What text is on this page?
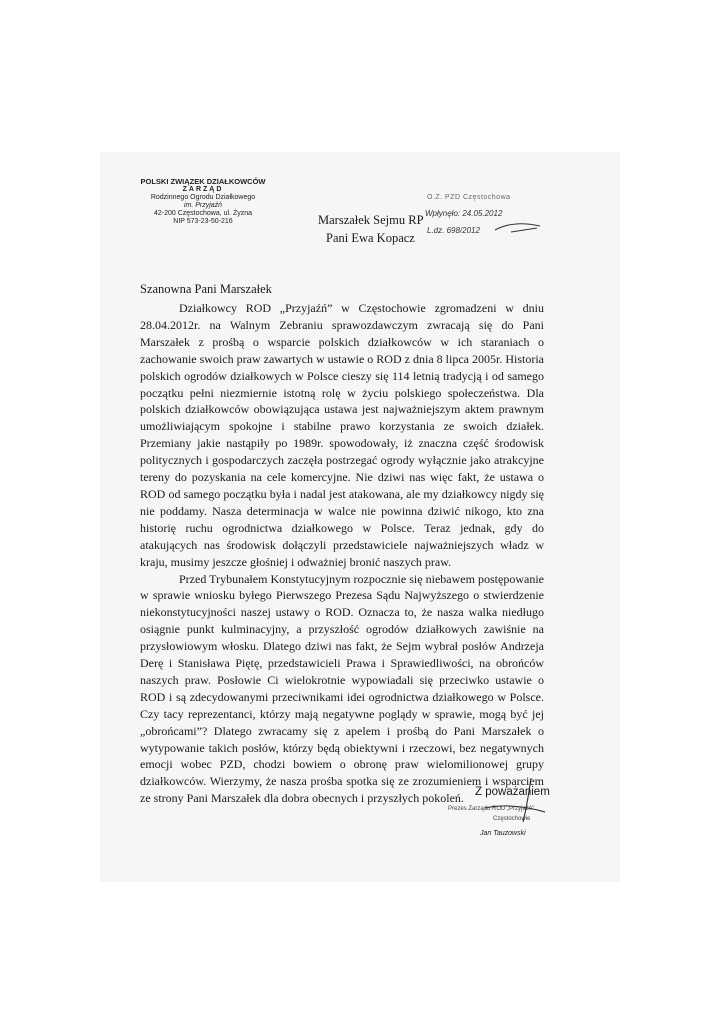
POLSKI ZWIĄZEK DZIAŁKOWCÓW
ZARZĄD
Rodzinnego Ogrodu Działkowego
im. Przyjaźń
42-200 Częstochowa, ul. Żyzna
NIP 573-23-50-216
O.Z. PZD Częstochowa
Wpłynęło: 24.05.2012
L.dz. 698/2012
Marszałek Sejmu RP
Pani Ewa Kopacz
Szanowna Pani Marszałek

Działkowcy ROD „Przyjaźń” w Częstochowie zgromadzeni w dniu 28.04.2012r. na Walnym Zebraniu sprawozdawczym zwracają się do Pani Marszałek z prośbą o wsparcie polskich działkowców w ich staraniach o zachowanie swoich praw zawartych w ustawie o ROD z dnia 8 lipca 2005r. Historia polskich ogrodów działkowych w Polsce cieszy się 114 letnią tradycją i od samego początku pełni niezmiernie istotną rolę w życiu polskiego społeczeństwa. Dla polskich działkowców obowiązująca ustawa jest najważniejszym aktem prawnym umożliwiającym spokojne i stabilne prawo korzystania ze swoich działek. Przemiany jakie nastąpiły po 1989r. spowodowały, iż znaczna część środowisk politycznych i gospodarczych zaczęła postrzegać ogrody wyłącznie jako atrakcyjne tereny do pozyskania na cele komercyjne. Nie dziwi nas więc fakt, że ustawa o ROD od samego początku była i nadal jest atakowana, ale my działkowcy nigdy się nie poddamy. Nasza determinacja w walce nie powinna dziwić nikogo, kto zna historię ruchu ogrodnictwa działkowego w Polsce. Teraz jednak, gdy do atakujących nas środowisk dołączyli przedstawiciele najważniejszych władz w kraju, musimy jeszcze głośniej i odważniej bronić naszych praw.

Przed Trybunałem Konstytucyjnym rozpocznie się niebawem postępowanie w sprawie wniosku byłego Pierwszego Prezesa Sądu Najwyższego o stwierdzenie niekonstytucyjności naszej ustawy o ROD. Oznacza to, że nasza walka niedługo osiągnie punkt kulminacyjny, a przyszłość ogrodów działkowych zawiśnie na przysłowiowym włosku. Dlatego dziwi nas fakt, że Sejm wybrał posłów Andrzeja Derę i Stanisława Piętę, przedstawicieli Prawa i Sprawiedliwości, na obrońców naszych praw. Posłowie Ci wielokrotnie wypowiadali się przeciwko ustawie o ROD i są zdecydowanymi przeciwnikami idei ogrodnictwa działkowego w Polsce. Czy tacy reprezentanci, którzy mają negatywne poglądy w sprawie, mogą być jej „obrońcami”? Dlatego zwracamy się z apelem i prośbą do Pani Marszałek o wytypowanie takich posłów, którzy będą obiektywni i rzeczowi, bez negatywnych emocji wobec PZD, chodzi bowiem o obronę praw wielomilionowej grupy działkowców. Wierzymy, że nasza prośba spotka się ze zrozumieniem i wsparciem ze strony Pani Marszałek dla dobra obecnych i przyszłych pokoleń. Z poważaniem
Prezes Zarządu ROD „Przyjaźń”
Częstochowie
Jan Tauzowski
